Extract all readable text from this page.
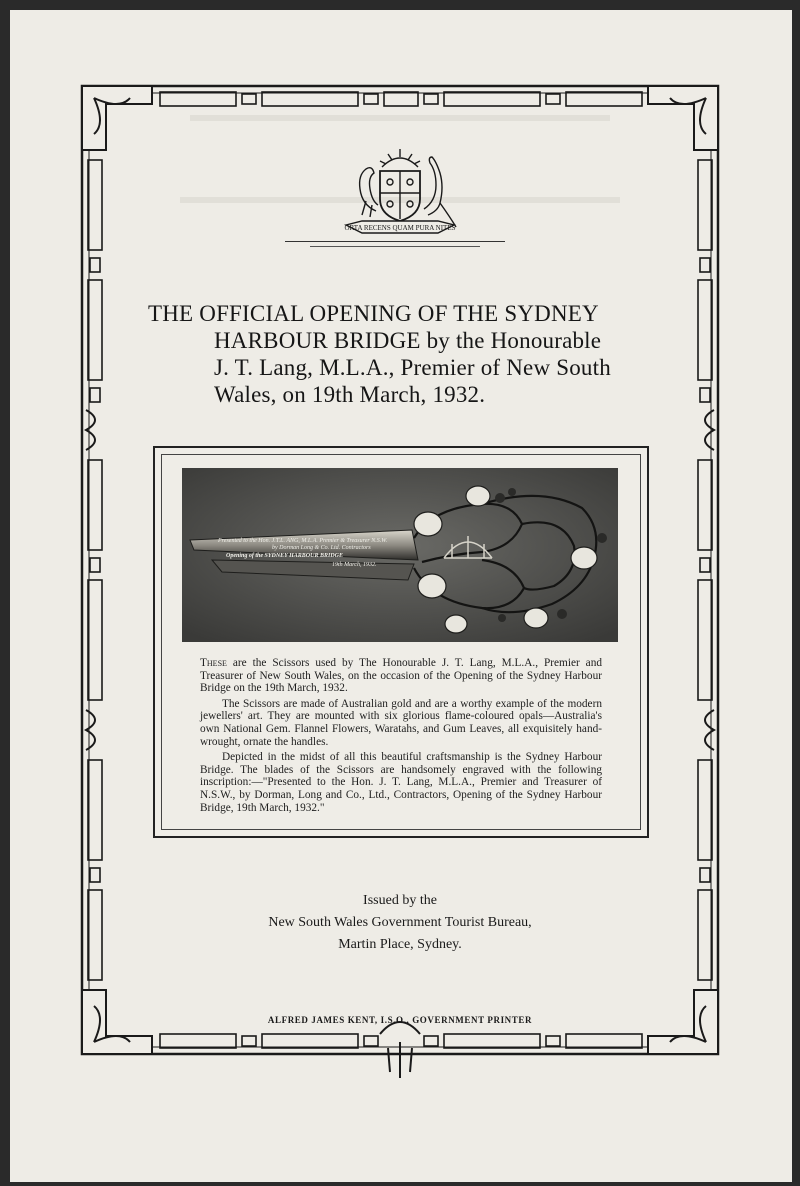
ORTA RECENS QUAM PURA NITES
THE OFFICIAL OPENING OF THE SYDNEY
HARBOUR BRIDGE by the Honourable
J. T. Lang, M.L.A., Premier of New South
Wales, on 19th March, 1932.
Presented to the Hon. J.T.L. ANG, M.L.A. Premier & Treasurer N.S.W.
by Dorman Long & Co. Ltd. Contractors
Opening of the SYDNEY HARBOUR BRIDGE
19th March, 1932.

These are the Scissors used by The Honourable J. T. Lang, M.L.A., Premier and Treasurer of New South Wales, on the occasion of the Opening of the Sydney Harbour Bridge on the 19th March, 1932.

The Scissors are made of Australian gold and are a worthy example of the modern jewellers' art. They are mounted with six glorious flame-coloured opals—Australia's own National Gem. Flannel Flowers, Waratahs, and Gum Leaves, all exquisitely hand-wrought, ornate the handles.

Depicted in the midst of all this beautiful craftsmanship is the Sydney Harbour Bridge. The blades of the Scissors are handsomely engraved with the following inscription:—"Presented to the Hon. J. T. Lang, M.L.A., Premier and Treasurer of N.S.W., by Dorman, Long and Co., Ltd., Contractors, Opening of the Sydney Harbour Bridge, 19th March, 1932."

Issued by the
New South Wales Government Tourist Bureau,
Martin Place, Sydney.
ALFRED JAMES KENT, I.S.O., GOVERNMENT PRINTER
